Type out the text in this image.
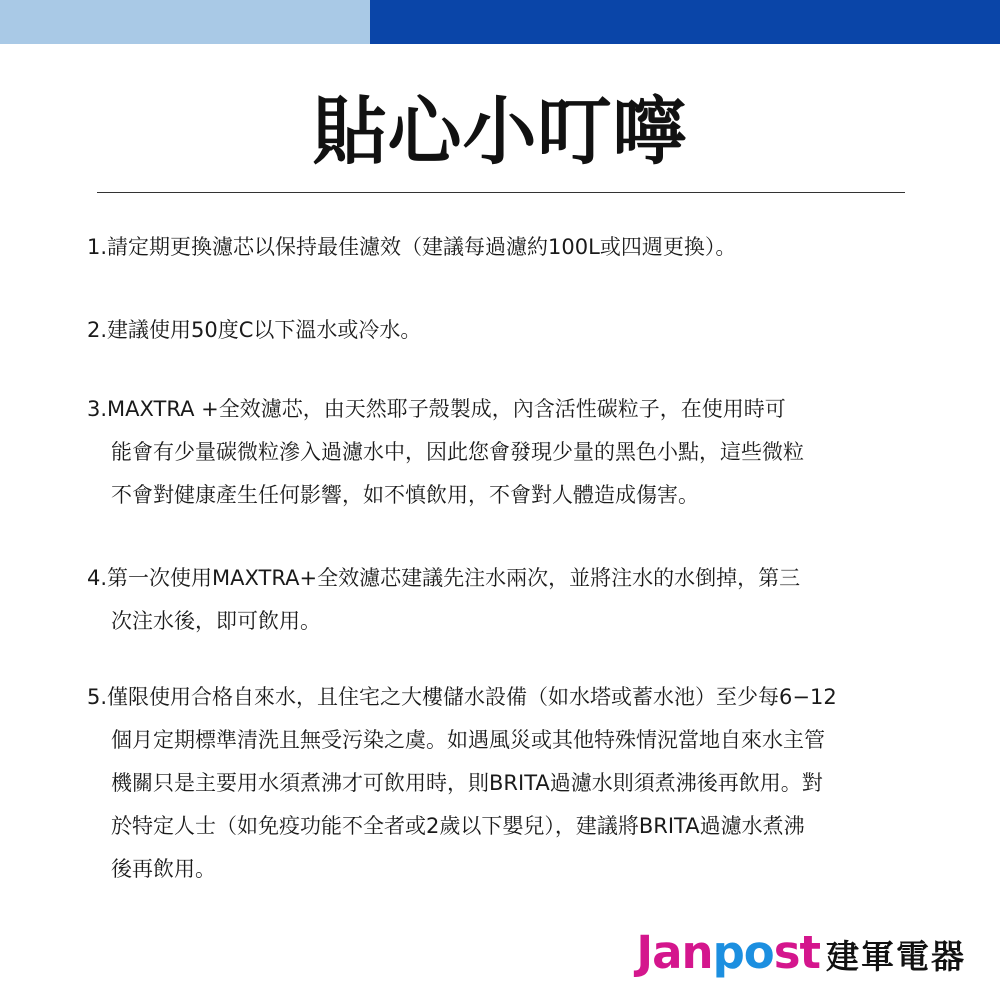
貼心小叮嚀
1.請定期更換濾芯以保持最佳濾效（建議每過濾約100L或四週更換）。
2.建議使用50度C以下溫水或冷水。
3.MAXTRA +全效濾芯，由天然耶子殼製成，內含活性碳粒子，在使用時可
能會有少量碳微粒滲入過濾水中，因此您會發現少量的黑色小點，這些微粒
不會對健康產生任何影響，如不慎飲用，不會對人體造成傷害。
4.第一次使用MAXTRA+全效濾芯建議先注水兩次，並將注水的水倒掉，第三
次注水後，即可飲用。
5.僅限使用合格自來水，且住宅之大樓儲水設備（如水塔或蓄水池）至少每6−12
個月定期標準清洗且無受污染之虞。如遇風災或其他特殊情況當地自來水主管
機關只是主要用水須煮沸才可飲用時，則BRITA過濾水則須煮沸後再飲用。對
於特定人士（如免疫功能不全者或2歲以下嬰兒），建議將BRITA過濾水煮沸
後再飲用。
Janpost 建軍電器
